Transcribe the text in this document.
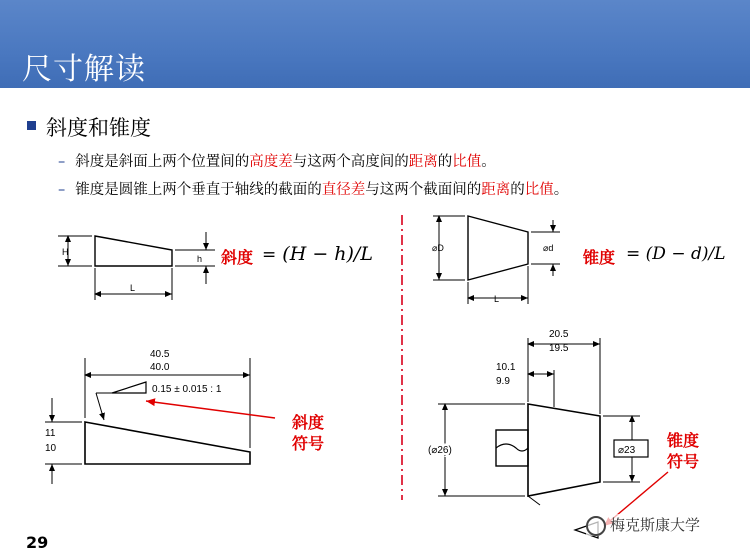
尺寸解读
斜度和锥度
– 斜度是斜面上两个位置间的高度差与这两个高度间的距离的比值。
– 锥度是圆锥上两个垂直于轴线的截面的直径差与这两个截面间的距离的比值。
H
h
L
40.5
40.0
11
10
0.15 ± 0.015 : 1
⌀D	⌀d
L
20.5
19.5
10.1
9.9
(⌀26)	⌀23
斜度 = (H − h)/L	锥度 = (D − d)/L
斜度
符号	锥度
符号
29
梅克斯康大学
